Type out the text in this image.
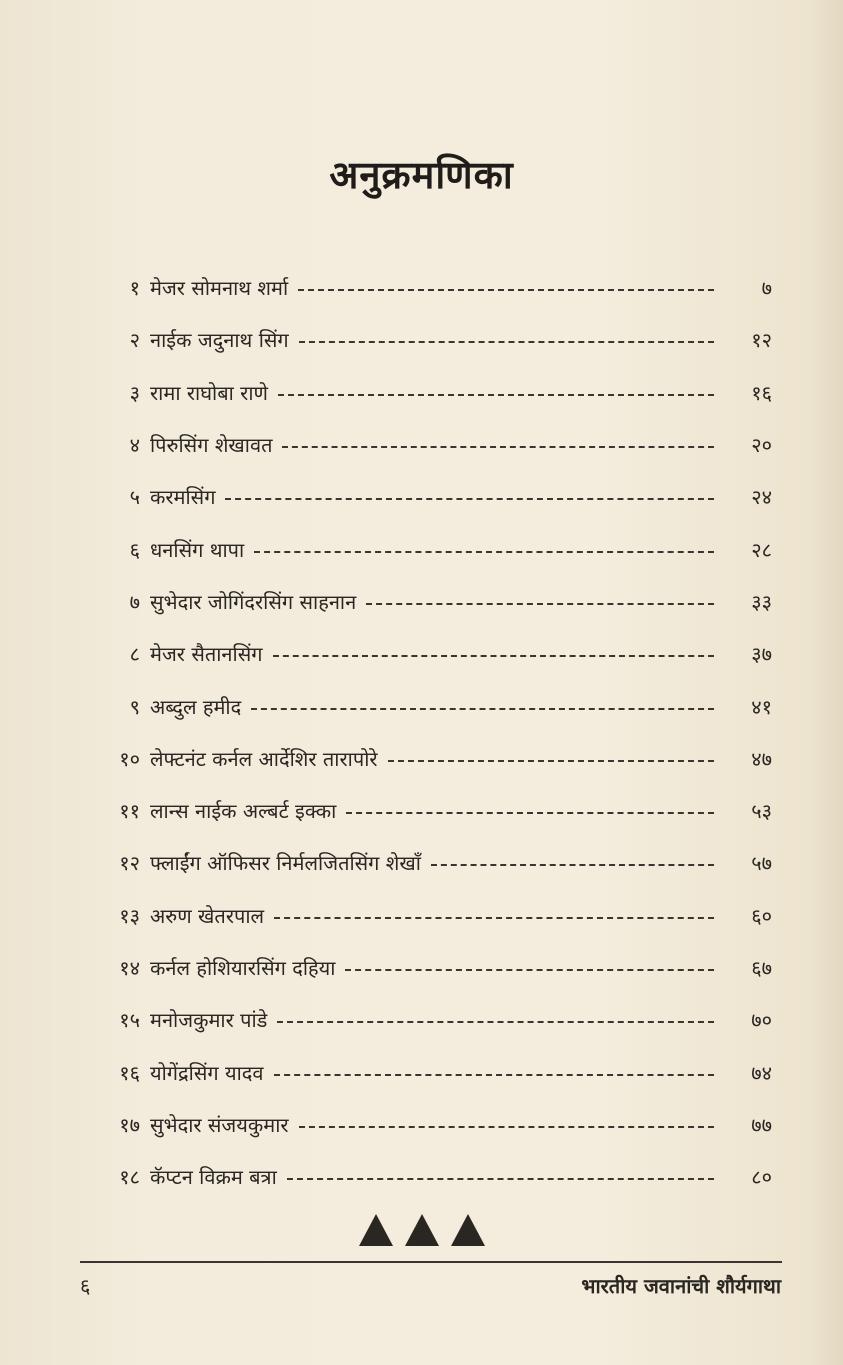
अनुक्रमणिका
१ मेजर सोमनाथ शर्मा	७
२ नाईक जदुनाथ सिंग	१२
३ रामा राघोबा राणे	१६
४ पिरुसिंग शेखावत	२०
५ करमसिंग	२४
६ धनसिंग थापा	२८
७ सुभेदार जोगिंदरसिंग साहनान	३३
८ मेजर सैतानसिंग	३७
९ अब्दुल हमीद	४१
१० लेफ्टनंट कर्नल आर्देशिर तारापोरे	४७
११ लान्स नाईक अल्बर्ट इक्का	५३
१२ फ्लाईंग ऑफिसर निर्मलजितसिंग शेखाँ	५७
१३ अरुण खेतरपाल	६०
१४ कर्नल होशियारसिंग दहिया	६७
१५ मनोजकुमार पांडे	७०
१६ योगेंद्रसिंग यादव	७४
१७ सुभेदार संजयकुमार	७७
१८ कॅप्टन विक्रम बत्रा	८०
६	भारतीय जवानांची शौर्यगाथा
